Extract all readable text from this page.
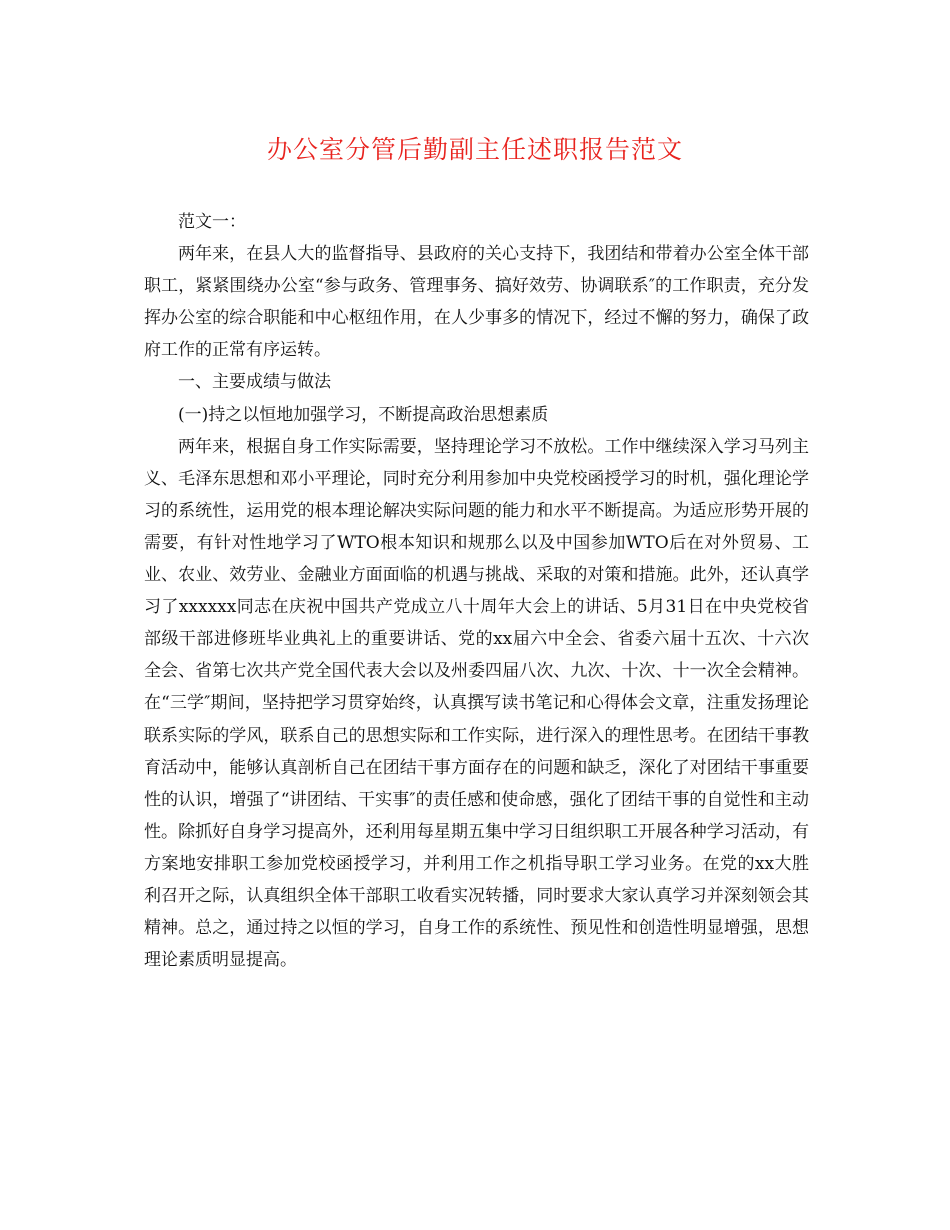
办公室分管后勤副主任述职报告范文

范文一：

两年来，在县人大的监督指导、县政府的关心支持下，我团结和带着办公室全体干部职工，紧紧围绕办公室“参与政务、管理事务、搞好效劳、协调联系″的工作职责，充分发挥办公室的综合职能和中心枢纽作用，在人少事多的情况下，经过不懈的努力，确保了政府工作的正常有序运转。

一、主要成绩与做法

(一)持之以恒地加强学习，不断提高政治思想素质

两年来，根据自身工作实际需要，坚持理论学习不放松。工作中继续深入学习马列主义、毛泽东思想和邓小平理论，同时充分利用参加中央党校函授学习的时机，强化理论学习的系统性，运用党的根本理论解决实际问题的能力和水平不断提高。为适应形势开展的需要，有针对性地学习了WTO根本知识和规那么以及中国参加WTO后在对外贸易、工业、农业、效劳业、金融业方面面临的机遇与挑战、采取的对策和措施。此外，还认真学习了xxxxxx同志在庆祝中国共产党成立八十周年大会上的讲话、5月31日在中央党校省部级干部进修班毕业典礼上的重要讲话、党的xx届六中全会、省委六届十五次、十六次全会、省第七次共产党全国代表大会以及州委四届八次、九次、十次、十一次全会精神。在“三学″期间，坚持把学习贯穿始终，认真撰写读书笔记和心得体会文章，注重发扬理论联系实际的学风，联系自己的思想实际和工作实际，进行深入的理性思考。在团结干事教育活动中，能够认真剖析自己在团结干事方面存在的问题和缺乏，深化了对团结干事重要性的认识，增强了“讲团结、干实事″的责任感和使命感，强化了团结干事的自觉性和主动性。除抓好自身学习提高外，还利用每星期五集中学习日组织职工开展各种学习活动，有方案地安排职工参加党校函授学习，并利用工作之机指导职工学习业务。在党的xx大胜利召开之际，认真组织全体干部职工收看实况转播，同时要求大家认真学习并深刻领会其精神。总之，通过持之以恒的学习，自身工作的系统性、预见性和创造性明显增强，思想理论素质明显提高。
